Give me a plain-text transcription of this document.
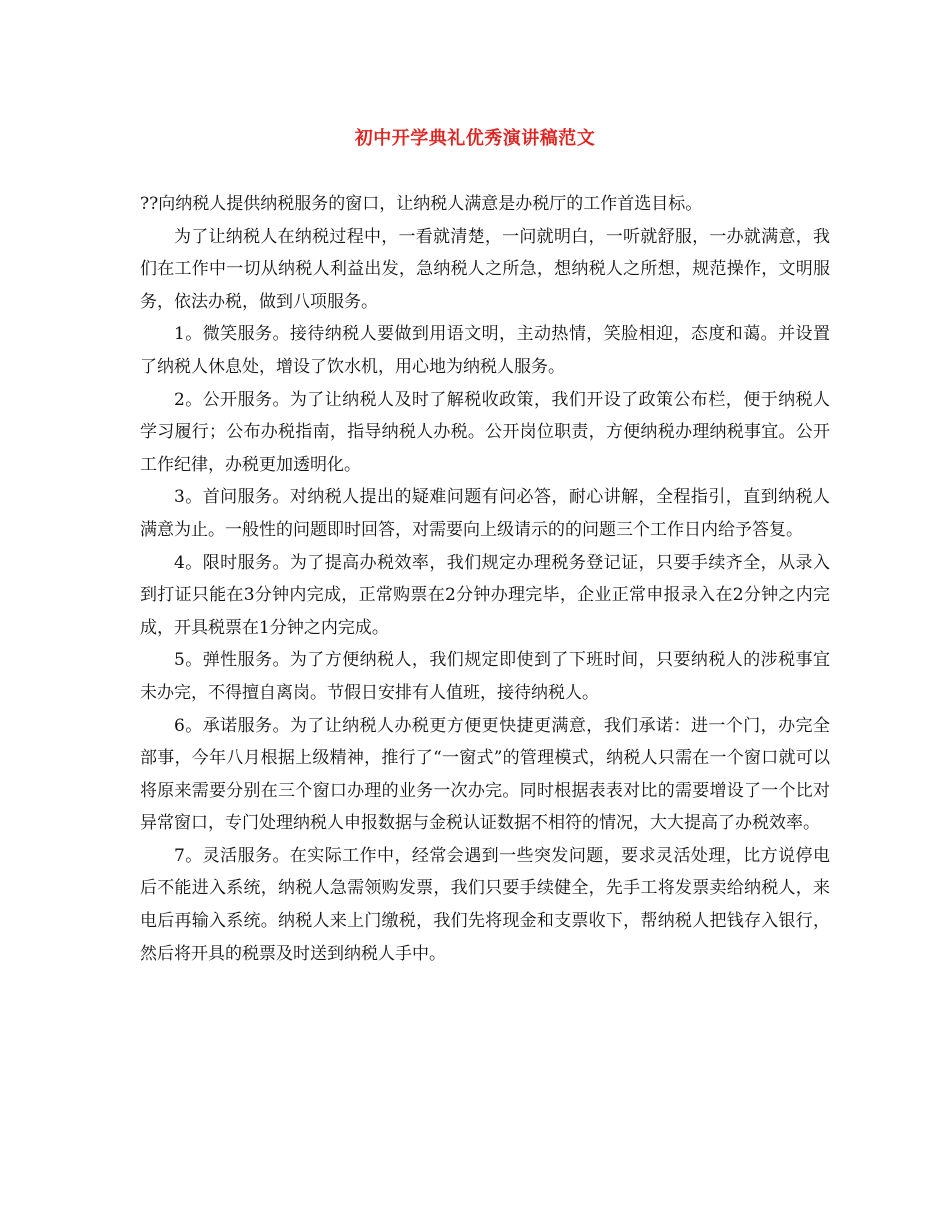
初中开学典礼优秀演讲稿范文

??向纳税人提供纳税服务的窗口，让纳税人满意是办税厅的工作首选目标。

为了让纳税人在纳税过程中，一看就清楚，一问就明白，一听就舒服，一办就满意，我们在工作中一切从纳税人利益出发，急纳税人之所急，想纳税人之所想，规范操作，文明服务，依法办税，做到八项服务。

1。微笑服务。接待纳税人要做到用语文明，主动热情，笑脸相迎，态度和蔼。并设置了纳税人休息处，增设了饮水机，用心地为纳税人服务。

2。公开服务。为了让纳税人及时了解税收政策，我们开设了政策公布栏，便于纳税人学习履行；公布办税指南，指导纳税人办税。公开岗位职责，方便纳税办理纳税事宜。公开工作纪律，办税更加透明化。

3。首问服务。对纳税人提出的疑难问题有问必答，耐心讲解，全程指引，直到纳税人满意为止。一般性的问题即时回答，对需要向上级请示的的问题三个工作日内给予答复。

4。限时服务。为了提高办税效率，我们规定办理税务登记证，只要手续齐全，从录入到打证只能在3分钟内完成，正常购票在2分钟办理完毕，企业正常申报录入在2分钟之内完成，开具税票在1分钟之内完成。

5。弹性服务。为了方便纳税人，我们规定即使到了下班时间，只要纳税人的涉税事宜未办完，不得擅自离岗。节假日安排有人值班，接待纳税人。

6。承诺服务。为了让纳税人办税更方便更快捷更满意，我们承诺：进一个门，办完全部事，今年八月根据上级精神，推行了“一窗式”的管理模式，纳税人只需在一个窗口就可以将原来需要分别在三个窗口办理的业务一次办完。同时根据表表对比的需要增设了一个比对异常窗口，专门处理纳税人申报数据与金税认证数据不相符的情况，大大提高了办税效率。

7。灵活服务。在实际工作中，经常会遇到一些突发问题，要求灵活处理，比方说停电后不能进入系统，纳税人急需领购发票，我们只要手续健全，先手工将发票卖给纳税人，来电后再输入系统。纳税人来上门缴税，我们先将现金和支票收下，帮纳税人把钱存入银行，然后将开具的税票及时送到纳税人手中。
